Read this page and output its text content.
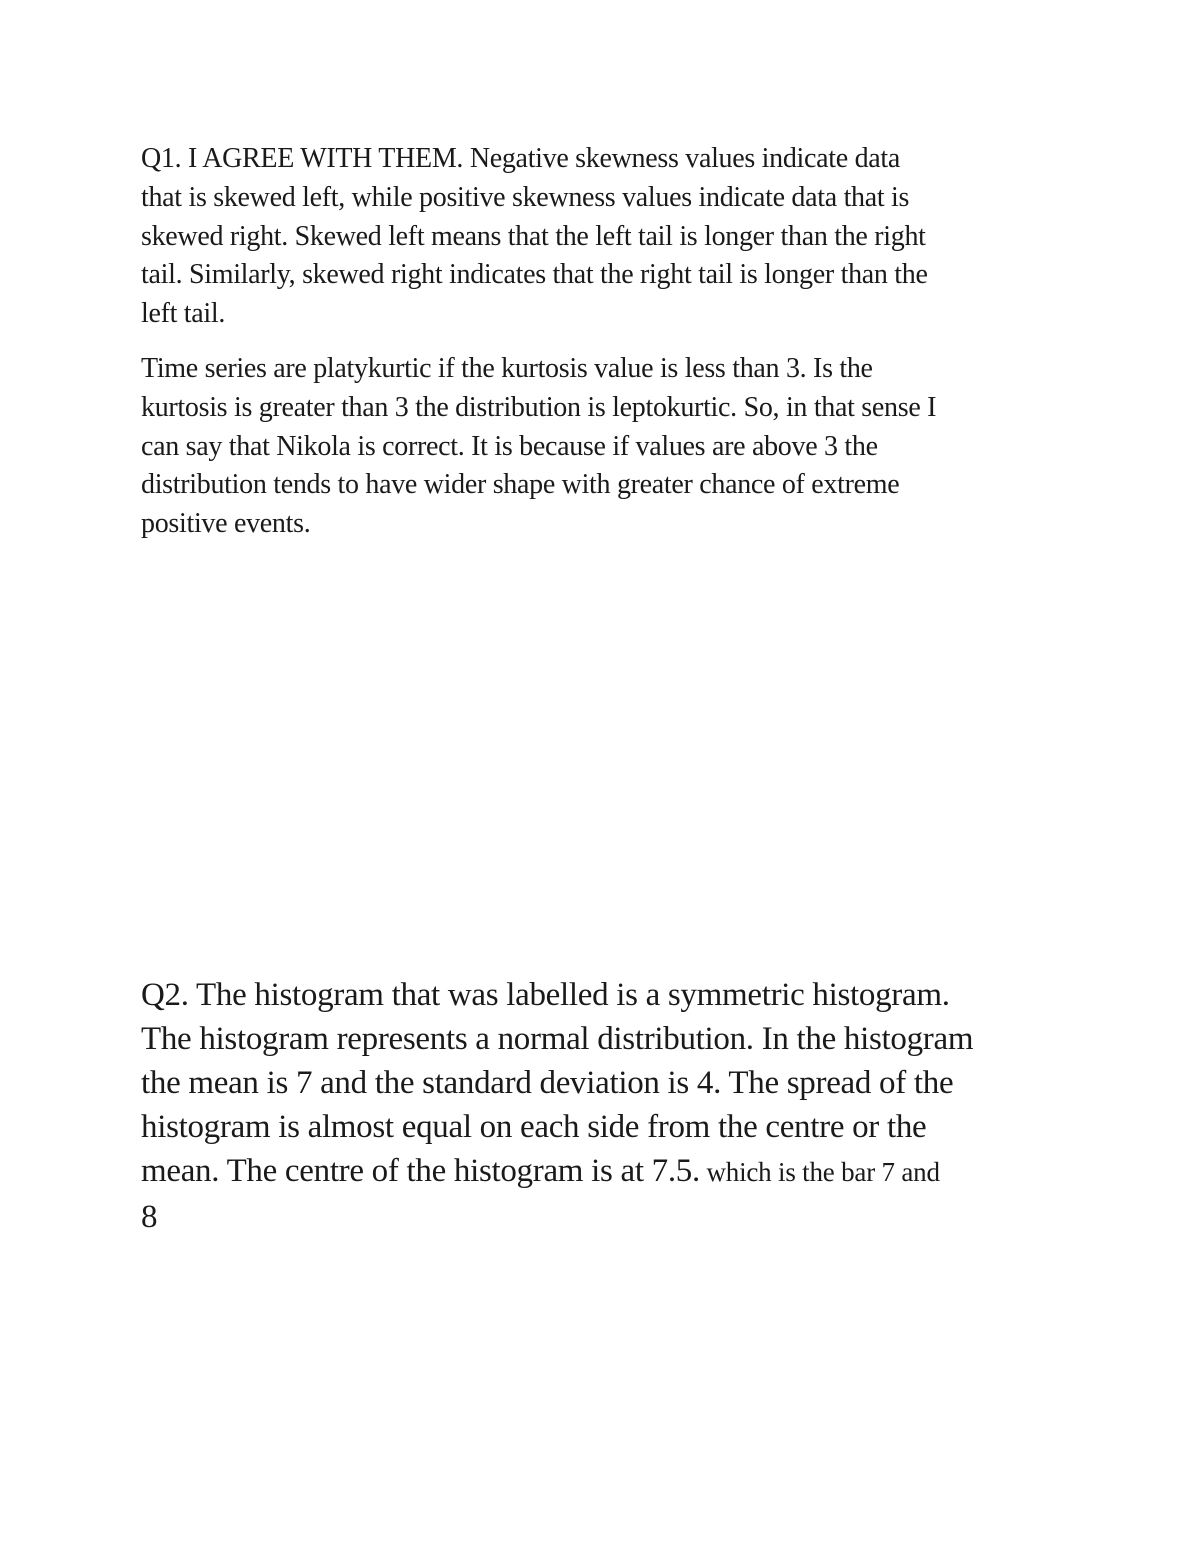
Q1. I AGREE WITH THEM. Negative skewness values indicate data

that is skewed left, while positive skewness values indicate data that is

skewed right. Skewed left means that the left tail is longer than the right

tail. Similarly, skewed right indicates that the right tail is longer than the

left tail.

Time series are platykurtic if the kurtosis value is less than 3. Is the

kurtosis is greater than 3 the distribution is leptokurtic. So, in that sense I

can say that Nikola is correct. It is because if values are above 3 the

distribution tends to have wider shape with greater chance of extreme

positive events.

Q2. The histogram that was labelled is a symmetric histogram.

The histogram represents a normal distribution. In the histogram

the mean is 7 and the standard deviation is 4. The spread of the

histogram is almost equal on each side from the centre or the

mean. The centre of the histogram is at 7.5. which is the bar 7 and

8
